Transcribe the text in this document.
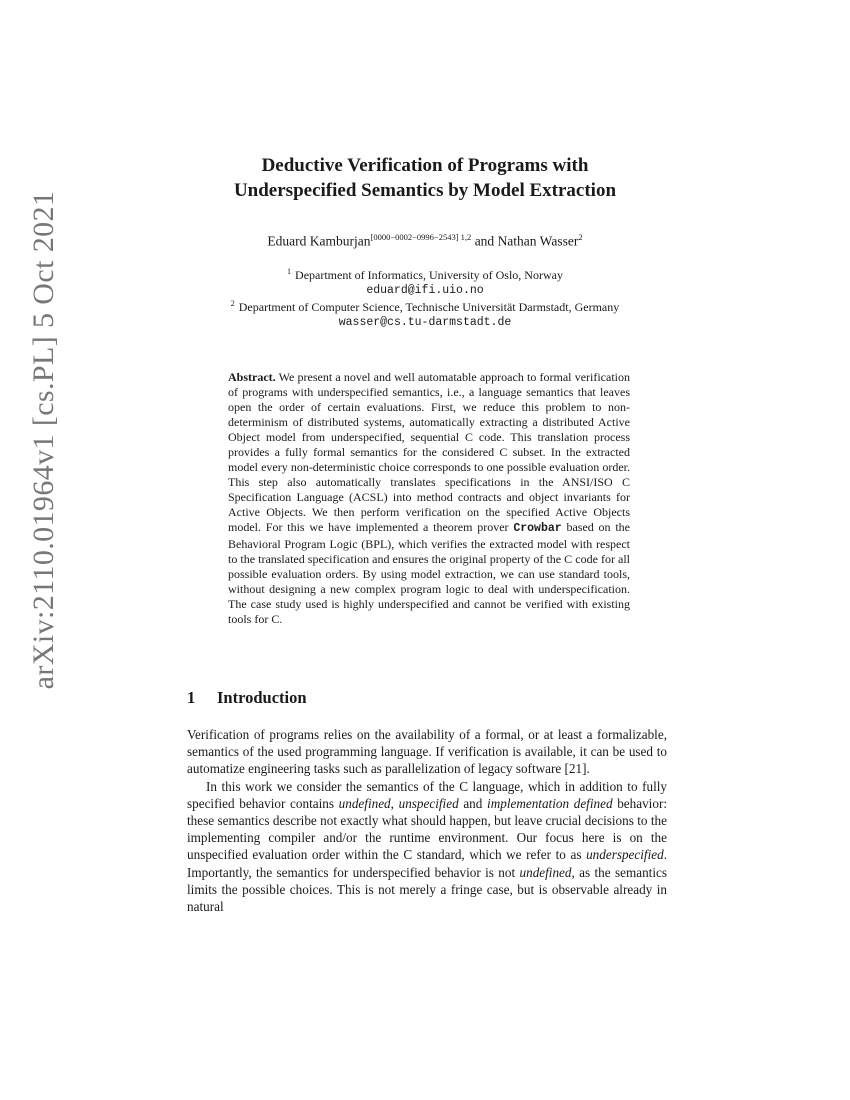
arXiv:2110.01964v1 [cs.PL] 5 Oct 2021
Deductive Verification of Programs with
Underspecified Semantics by Model Extraction
Eduard Kamburjan$^{[0000-0002-0996-2543] 1,2}$ and Nathan Wasser$^2$
$^1$ Department of Informatics, University of Oslo, Norway
eduard@ifi.uio.no
$^2$ Department of Computer Science, Technische Universität Darmstadt, Germany
wasser@cs.tu-darmstadt.de
Abstract. We present a novel and well automatable approach to formal verification of programs with underspecified semantics, i.e., a language semantics that leaves open the order of certain evaluations. First, we reduce this problem to non-determinism of distributed systems, automatically extracting a distributed Active Object model from underspecified, sequential C code. This translation process provides a fully formal semantics for the considered C subset. In the extracted model every non-deterministic choice corresponds to one possible evaluation order. This step also automatically translates specifications in the ANSI/ISO C Specification Language (ACSL) into method contracts and object invariants for Active Objects. We then perform verification on the specified Active Objects model. For this we have implemented a theorem prover Crowbar based on the Behavioral Program Logic (BPL), which verifies the extracted model with respect to the translated specification and ensures the original property of the C code for all possible evaluation orders. By using model extraction, we can use standard tools, without designing a new complex program logic to deal with underspecification. The case study used is highly underspecified and cannot be verified with existing tools for C.
1 Introduction

Verification of programs relies on the availability of a formal, or at least a formalizable, semantics of the used programming language. If verification is available, it can be used to automatize engineering tasks such as parallelization of legacy software [21].

In this work we consider the semantics of the C language, which in addition to fully specified behavior contains undefined, unspecified and implementation defined behavior: these semantics describe not exactly what should happen, but leave crucial decisions to the implementing compiler and/or the runtime environment. Our focus here is on the unspecified evaluation order within the C standard, which we refer to as underspecified. Importantly, the semantics for underspecified behavior is not undefined, as the semantics limits the possible choices. This is not merely a fringe case, but is observable already in natural
